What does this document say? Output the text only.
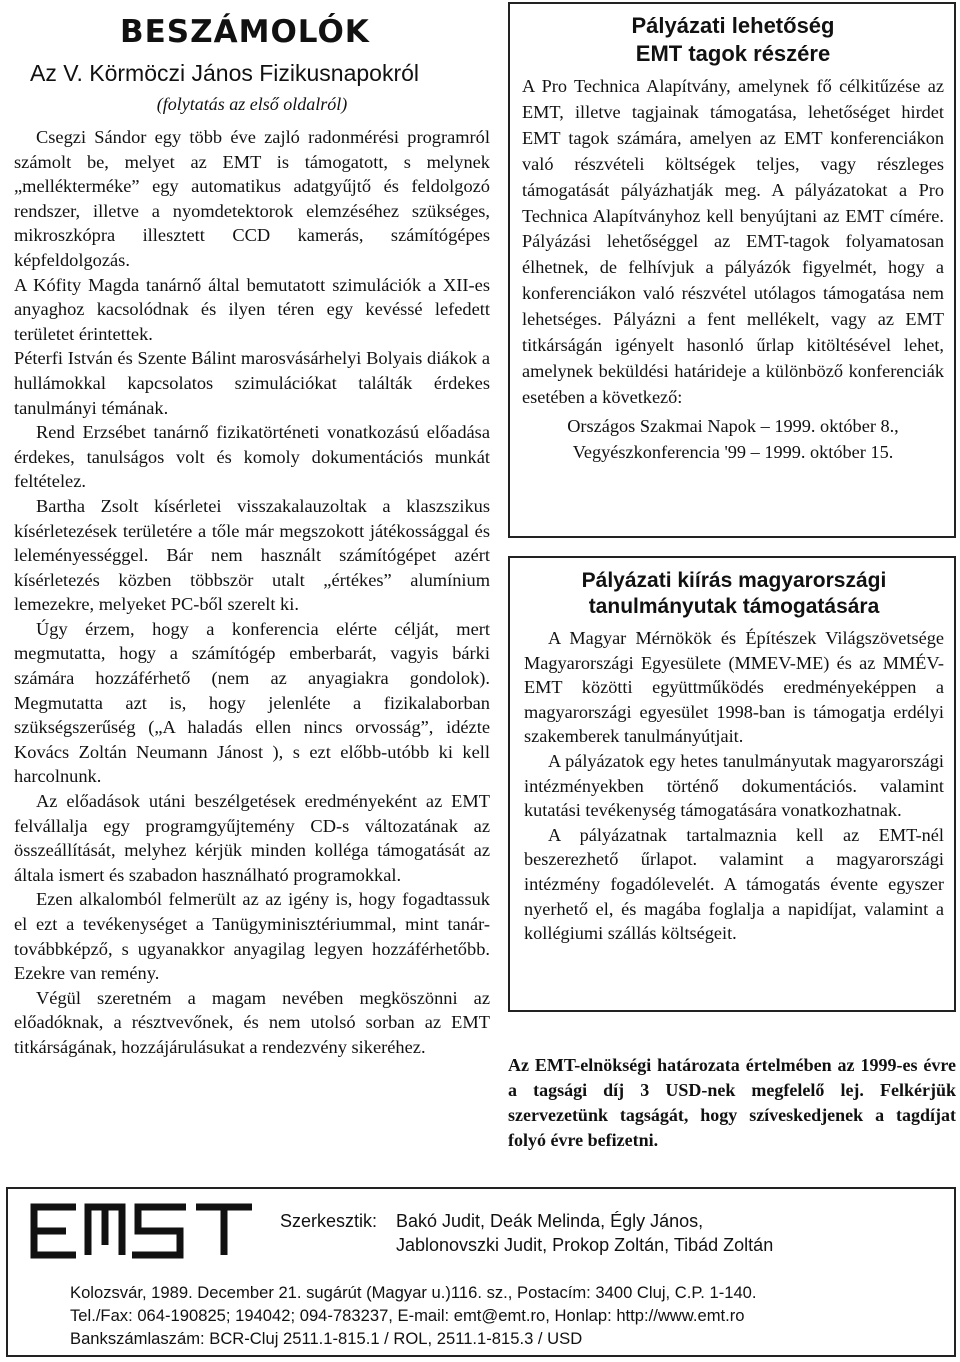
BESZÁMOLÓK
Az V. Körmöczi János Fizikusnapokról
(folytatás az első oldalról)

Csegzi Sándor egy több éve zajló radonmérési programról számolt be, melyet az EMT is támogatott, s melynek „mellékterméke” egy automatikus adatgyűjtő és feldolgozó rendszer, illetve a nyomdetektorok elemzéséhez szükséges, mikroszkópra illesztett CCD kamerás, számítógépes képfeldolgozás.

A Kófity Magda tanárnő által bemutatott szimulációk a XII-es anyaghoz kacsolódnak és ilyen téren egy kevéssé lefedett területet érintettek.

Péterfi István és Szente Bálint marosvásárhelyi Bolyais diákok a hullámokkal kapcsolatos szimulációkat találták érdekes tanulmányi témának.

Rend Erzsébet tanárnő fizikatörténeti vonatkozású előadása érdekes, tanulságos volt és komoly dokumentációs munkát feltételez.

Bartha Zsolt kísérletei visszakalauzoltak a klaszszikus kísérletezések területére a tőle már megszokott játékossággal és leleményességgel. Bár nem használt számítógépet azért kísérletezés közben többször utalt „értékes” alumínium lemezekre, melyeket PC-ből szerelt ki.

Úgy érzem, hogy a konferencia elérte célját, mert megmutatta, hogy a számítógép emberbarát, vagyis bárki számára hozzáférhető (nem az anyagiakra gondolok). Megmutatta azt is, hogy jelenléte a fizikalaborban szükségszerűség („A haladás ellen nincs orvosság”, idézte Kovács Zoltán Neumann Jánost ), s ezt előbb-utóbb ki kell harcolnunk.

Az előadások utáni beszélgetések eredményeként az EMT felvállalja egy programgyűjtemény CD-s változatának az összeállítását, melyhez kérjük minden kolléga támogatását az általa ismert és szabadon használható programokkal.

Ezen alkalomból felmerült az az igény is, hogy fogadtassuk el ezt a tevékenységet a Tanügyminisztériummal, mint tanár-továbbképző, s ugyanakkor anyagilag legyen hozzáférhetőbb. Ezekre van remény.

Végül szeretném a magam nevében megköszönni az előadóknak, a résztvevőnek, és nem utolsó sorban az EMT titkárságának, hozzájárulásukat a rendezvény sikeréhez.

Pályázati lehetőség
EMT tagok részére

A Pro Technica Alapítvány, amelynek fő célkitűzése az EMT, illetve tagjainak támogatása, lehetőséget hirdet EMT tagok számára, amelyen az EMT konferenciákon való részvételi költségek teljes, vagy részleges támogatását pályázhatják meg. A pályázatokat a Pro Technica Alapítványhoz kell benyújtani az EMT címére. Pályázási lehetőséggel az EMT-tagok folyamatosan élhetnek, de felhívjuk a pályázók figyelmét, hogy a konferenciákon való részvétel utólagos támogatása nem lehetséges. Pályázni a fent mellékelt, vagy az EMT titkárságán igényelt hasonló űrlap kitöltésével lehet, amelynek beküldési határideje a különböző konferenciák esetében a következő:

Országos Szakmai Napok – 1999. október 8.,
Vegyészkonferencia '99 – 1999. október 15.
Pályázati kiírás magyarországi
tanulmányutak támogatására

A Magyar Mérnökök és Építészek Világszövetsége Magyarországi Egyesülete (MMEV-ME) és az MMÉV-EMT közötti együttműködés eredményeképpen a magyarországi egyesület 1998-ban is támogatja erdélyi szakemberek tanulmányútjait.

A pályázatok egy hetes tanulmányutak magyarországi intézményekben történő dokumentációs. valamint kutatási tevékenység támogatására vonatkozhatnak.

A pályázatnak tartalmaznia kell az EMT-nél beszerezhető űrlapot. valamint a magyarországi intézmény fogadólevelét. A támogatás évente egyszer nyerhető el, és magába foglalja a napidíjat, valamint a kollégiumi szállás költségeit.

Az EMT-elnökségi határozata értelmében az 1999-es évre a tagsági díj 3 USD-nek megfelelő lej. Felkérjük szervezetünk tagságát, hogy szíveskedjenek a tagdíjat folyó évre befizetni.
Szerkesztik: Bakó Judit, Deák Melinda, Égly János,
Jablonovszki Judit, Prokop Zoltán, Tibád Zoltán
Kolozsvár, 1989. December 21. sugárút (Magyar u.)116. sz., Postacím: 3400 Cluj, C.P. 1-140.
Tel./Fax: 064-190825; 194042; 094-783237, E-mail: emt@emt.ro, Honlap: http://www.emt.ro
Bankszámlaszám: BCR-Cluj 2511.1-815.1 / ROL, 2511.1-815.3 / USD
